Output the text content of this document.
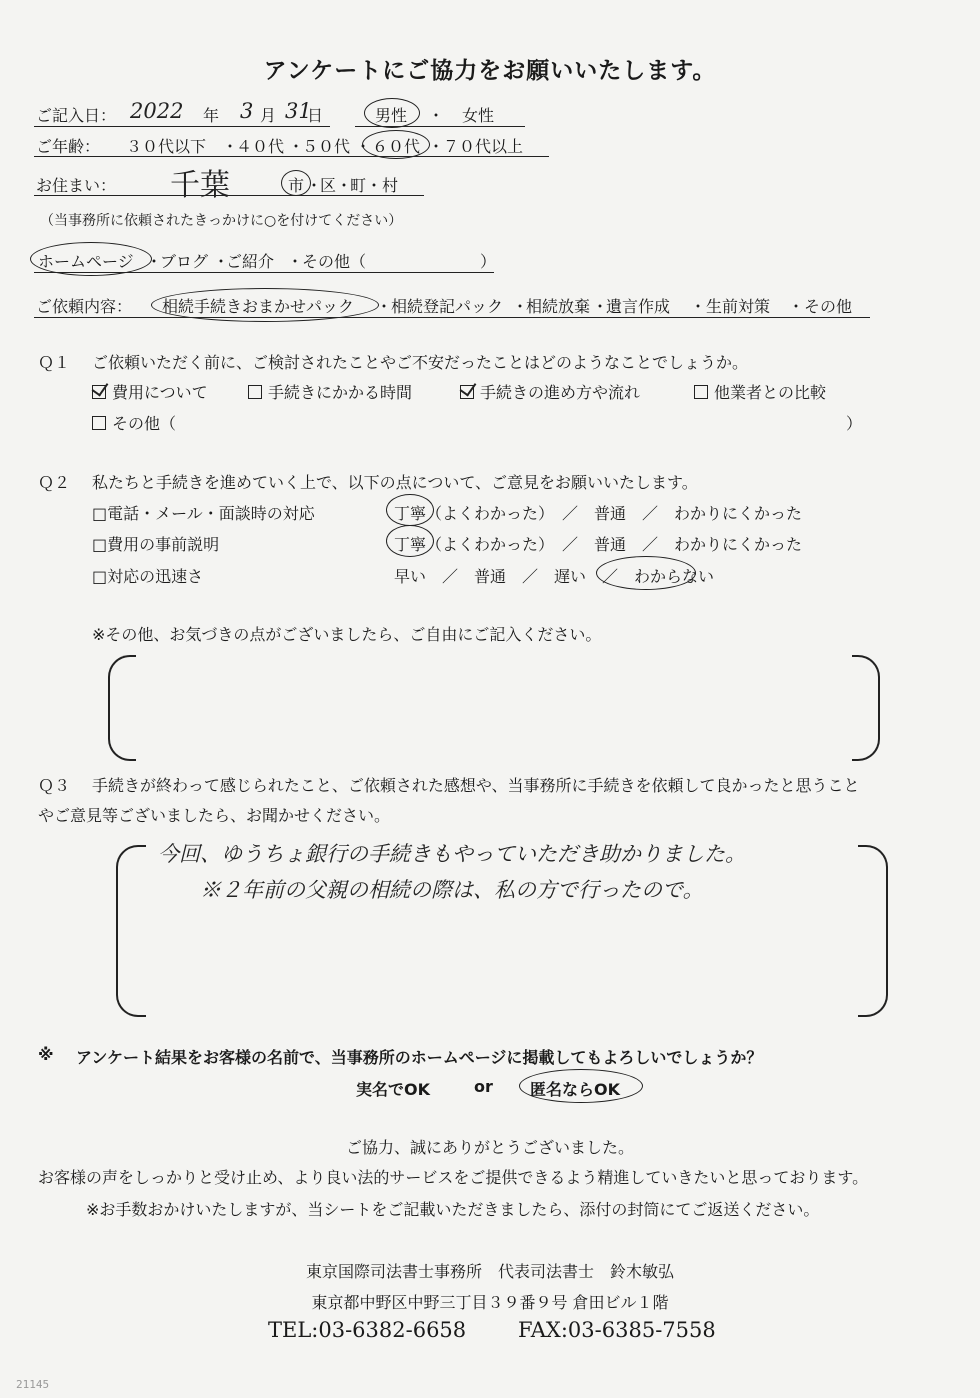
アンケートにご協力をお願いいたします。
ご記入日： 2022 年 3 月 31
日	男性 ・ 女性
ご年齢： ３０代以下 ・
４０代 ・
５０代 ・ ６０代 ・
７０代以上
お住まい： 千葉	市 ・
区 ・
町 ・ 村
（当事務所に依頼されたきっかけに○を付けてください）
ホームページ ・
ブログ ・
ご紹介 ・
その他（	）
ご依頼内容： 相続手続きおまかせパック ・
相続登記パック ・
相続放棄 ・
遺言作成 ・ 生前対策 ・ その他
Ｑ１ ご依頼いただく前に、ご検討されたことやご不安だったことはどのようなことでしょうか。
費用について	手続きにかかる時間	手続きの進め方や流れ	他業者との比較
その他（	）
Ｑ２ 私たちと手続きを進めていく上で、以下の点について、ご意見をお願いいたします。
□電話・メール・面談時の対応	丁寧（よくわかった）　／　普通　／　わかりにくかった
□費用の事前説明	丁寧（よくわかった）　／　普通　／　わかりにくかった
□対応の迅速さ	早い　／　普通　／　遅い　／　わからない
※その他、お気づきの点がございましたら、ご自由にご記入ください。
Ｑ３ 手続きが終わって感じられたこと、ご依頼された感想や、当事務所に手続きを依頼して良かったと思うこと
やご意見等ございましたら、お聞かせください。
今回、ゆうちょ銀行の手続きもやっていただき助かりました。
※２年前の父親の相続の際は、私の方で行ったので。
※ アンケート結果をお客様の名前で、当事務所のホームページに掲載してもよろしいでしょうか？
実名でOK	or 匿名ならOK
ご協力、誠にありがとうございました。
お客様の声をしっかりと受け止め、より良い法的サービスをご提供できるよう精進していきたいと思っております。
※お手数おかけいたしますが、当シートをご記載いただきましたら、添付の封筒にてご返送ください。
東京国際司法書士事務所　代表司法書士　鈴木敏弘
東京都中野区中野三丁目３９番９号 倉田ビル１階
TEL:03-6382-6658 FAX:03-6385-7558
21145
